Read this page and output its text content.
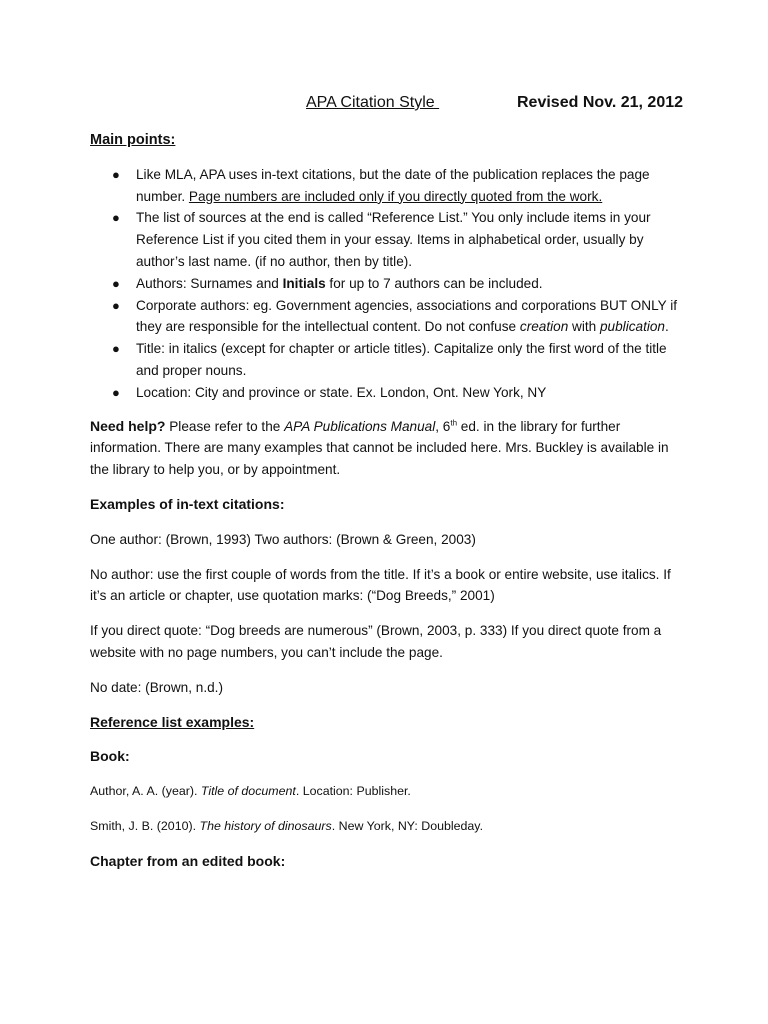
APA Citation Style	Revised Nov. 21, 2012
Main points:
● Like MLA, APA uses in-text citations, but the date of the publication replaces the page number. Page numbers are included only if you directly quoted from the work.
● The list of sources at the end is called “Reference List.” You only include items in your Reference List if you cited them in your essay. Items in alphabetical order, usually by author’s last name. (if no author, then by title).
● Authors: Surnames and Initials for up to 7 authors can be included.
● Corporate authors: eg. Government agencies, associations and corporations BUT ONLY if they are responsible for the intellectual content. Do not confuse creation with publication.
● Title: in italics (except for chapter or article titles). Capitalize only the first word of the title and proper nouns.
● Location: City and province or state. Ex. London, Ont. New York, NY

Need help? Please refer to the APA Publications Manual, 6th ed. in the library for further information. There are many examples that cannot be included here. Mrs. Buckley is available in the library to help you, or by appointment.

Examples of in-text citations:

One author: (Brown, 1993) Two authors: (Brown & Green, 2003)

No author: use the first couple of words from the title. If it’s a book or entire website, use italics. If it’s an article or chapter, use quotation marks: (“Dog Breeds,” 2001)

If you direct quote: “Dog breeds are numerous” (Brown, 2003, p. 333) If you direct quote from a website with no page numbers, you can’t include the page.

No date: (Brown, n.d.)

Reference list examples:
Book:

Author, A. A. (year). Title of document. Location: Publisher.

Smith, J. B. (2010). The history of dinosaurs. New York, NY: Doubleday.

Chapter from an edited book:
